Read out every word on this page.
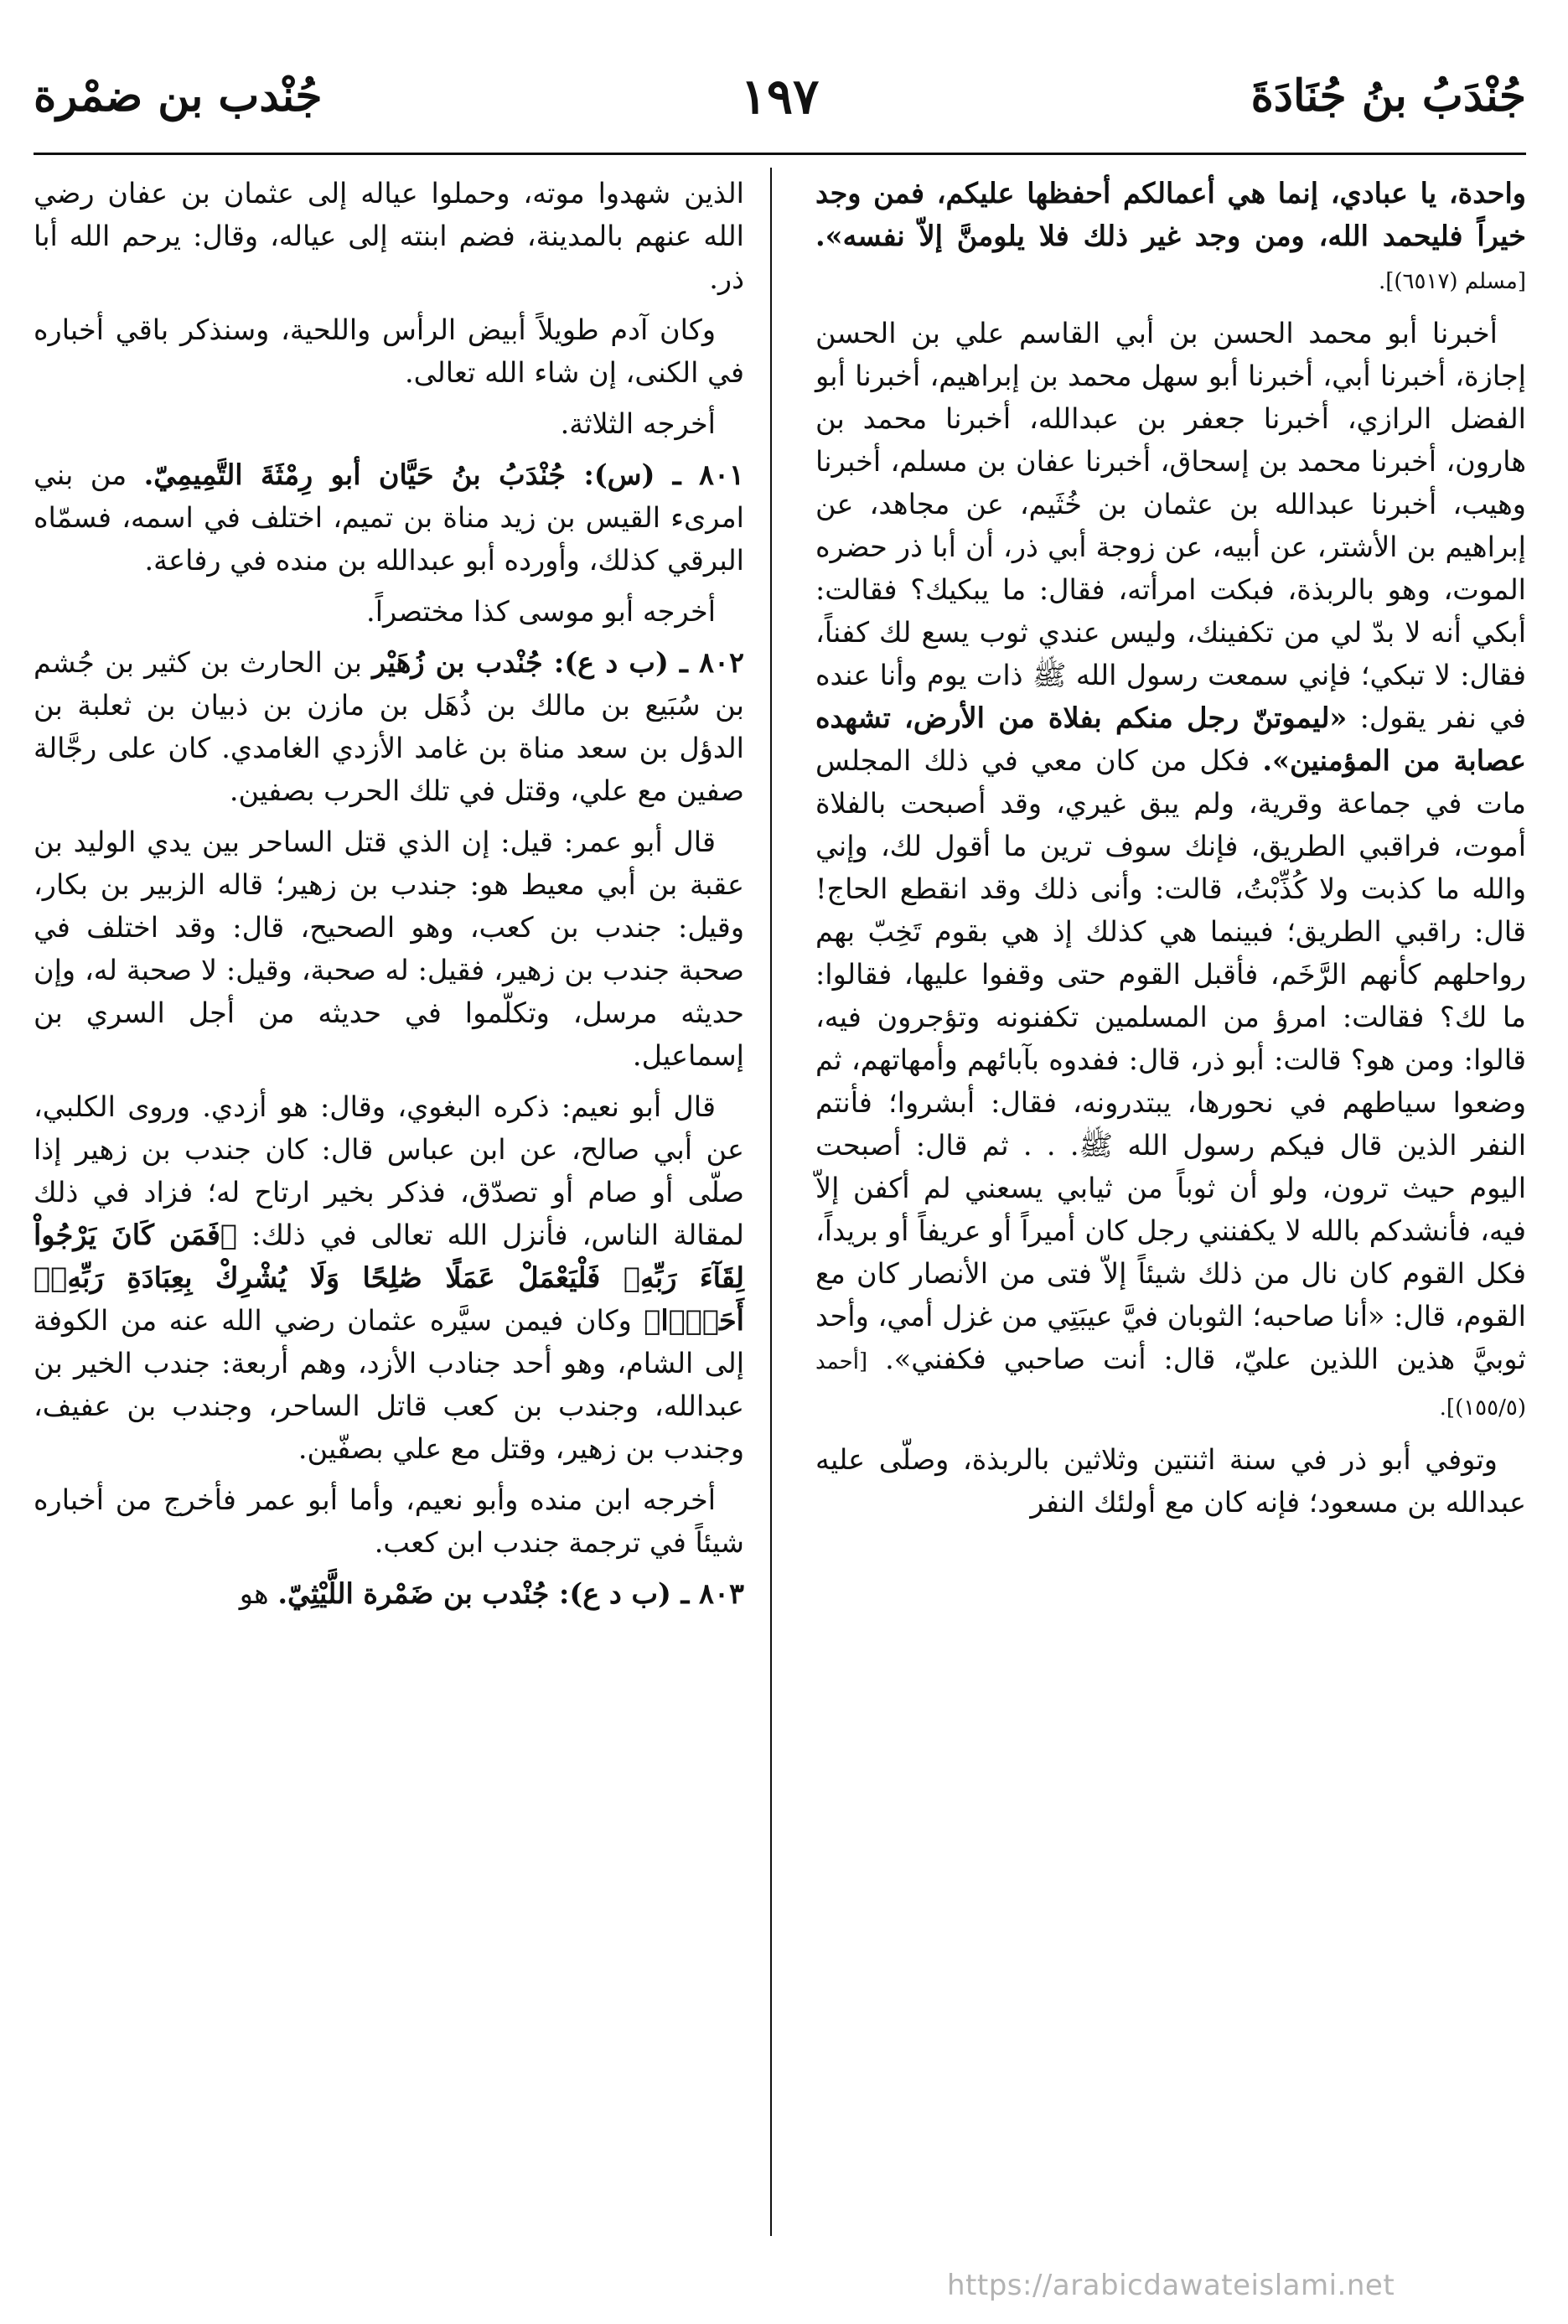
جُنْدَبُ بنُ جُنَادَةَ
١٩٧
جُنْدب بن ضمْرة

واحدة، يا عبادي، إنما هي أعمالكم أحفظها عليكم، فمن وجد خيراً فليحمد الله، ومن وجد غير ذلك فلا يلومنَّ إلاّ نفسه». [مسلم (٦٥١٧)].

أخبرنا أبو محمد الحسن بن أبي القاسم علي بن الحسن إجازة، أخبرنا أبي، أخبرنا أبو سهل محمد بن إبراهيم، أخبرنا أبو الفضل الرازي، أخبرنا جعفر بن عبدالله، أخبرنا محمد بن هارون، أخبرنا محمد بن إسحاق، أخبرنا عفان بن مسلم، أخبرنا وهيب، أخبرنا عبدالله بن عثمان بن خُثَيم، عن مجاهد، عن إبراهيم بن الأشتر، عن أبيه، عن زوجة أبي ذر، أن أبا ذر حضره الموت، وهو بالربذة، فبكت امرأته، فقال: ما يبكيك؟ فقالت: أبكي أنه لا بدّ لي من تكفينك، وليس عندي ثوب يسع لك كفناً، فقال: لا تبكي؛ فإني سمعت رسول الله ﷺ ذات يوم وأنا عنده في نفر يقول: «ليموتنّ رجل منكم بفلاة من الأرض، تشهده عصابة من المؤمنين». فكل من كان معي في ذلك المجلس مات في جماعة وقرية، ولم يبق غيري، وقد أصبحت بالفلاة أموت، فراقبي الطريق، فإنك سوف ترين ما أقول لك، وإني والله ما كذبت ولا كُذِّبْتُ، قالت: وأنى ذلك وقد انقطع الحاج! قال: راقبي الطريق؛ فبينما هي كذلك إذ هي بقوم تَخِبّ بهم رواحلهم كأنهم الرَّخَم، فأقبل القوم حتى وقفوا عليها، فقالوا: ما لك؟ فقالت: امرؤ من المسلمين تكفنونه وتؤجرون فيه، قالوا: ومن هو؟ قالت: أبو ذر، قال: ففدوه بآبائهم وأمهاتهم، ثم وضعوا سياطهم في نحورها، يبتدرونه، فقال: أبشروا؛ فأنتم النفر الذين قال فيكم رسول الله ﷺ. . . ثم قال: أصبحت اليوم حيث ترون، ولو أن ثوباً من ثيابي يسعني لم أكفن إلاّ فيه، فأنشدكم بالله لا يكفنني رجل كان أميراً أو عريفاً أو بريداً، فكل القوم كان نال من ذلك شيئاً إلاّ فتى من الأنصار كان مع القوم، قال: «أنا صاحبه؛ الثوبان فيَّ عيبَتِي من غزل أمي، وأحد ثوبيَّ هذين اللذين عليّ، قال: أنت صاحبي فكفني». [أحمد (١٥٥/٥)].

وتوفي أبو ذر في سنة اثنتين وثلاثين بالربذة، وصلّى عليه عبدالله بن مسعود؛ فإنه كان مع أولئك النفر

الذين شهدوا موته، وحملوا عياله إلى عثمان بن عفان رضي الله عنهم بالمدينة، فضم ابنته إلى عياله، وقال: يرحم الله أبا ذر.

وكان آدم طويلاً أبيض الرأس واللحية، وسنذكر باقي أخباره في الكنى، إن شاء الله تعالى.

أخرجه الثلاثة.

٨٠١ ـ (س): جُنْدَبُ بنُ حَيَّان أبو رِمْثَةَ التَّمِيمِيّ. من بني امرىء القيس بن زيد مناة بن تميم، اختلف في اسمه، فسمّاه البرقي كذلك، وأورده أبو عبدالله بن منده في رفاعة.

أخرجه أبو موسى كذا مختصراً.

٨٠٢ ـ (ب د ع): جُنْدب بن زُهَيْر بن الحارث بن كثير بن جُشم بن سُبَيع بن مالك بن ذُهَل بن مازن بن ذبيان بن ثعلبة بن الدؤل بن سعد مناة بن غامد الأزدي الغامدي. كان على رجَّالة صفين مع علي، وقتل في تلك الحرب بصفين.

قال أبو عمر: قيل: إن الذي قتل الساحر بين يدي الوليد بن عقبة بن أبي معيط هو: جندب بن زهير؛ قاله الزبير بن بكار، وقيل: جندب بن كعب، وهو الصحيح، قال: وقد اختلف في صحبة جندب بن زهير، فقيل: له صحبة، وقيل: لا صحبة له، وإن حديثه مرسل، وتكلّموا في حديثه من أجل السري بن إسماعيل.

قال أبو نعيم: ذكره البغوي، وقال: هو أزدي. وروى الكلبي، عن أبي صالح، عن ابن عباس قال: كان جندب بن زهير إذا صلّى أو صام أو تصدّق، فذكر بخير ارتاح له؛ فزاد في ذلك لمقالة الناس، فأنزل الله تعالى في ذلك: ﴿فَمَن كَانَ يَرْجُواْ لِقَآءَ رَبِّهِۦ فَلْيَعْمَلْ عَمَلًا صَٰلِحًا وَلَا يُشْرِكْ بِعِبَادَةِ رَبِّهِۦٓ أَحَدًۢا﴾ وكان فيمن سيَّره عثمان رضي الله عنه من الكوفة إلى الشام، وهو أحد جنادب الأزد، وهم أربعة: جندب الخير بن عبدالله، وجندب بن كعب قاتل الساحر، وجندب بن عفيف، وجندب بن زهير، وقتل مع علي بصفّين.

أخرجه ابن منده وأبو نعيم، وأما أبو عمر فأخرج من أخباره شيئاً في ترجمة جندب ابن كعب.

٨٠٣ ـ (ب د ع): جُنْدب بن ضَمْرة اللَّيْثِيّ. هو

https://arabicdawateislami.net
